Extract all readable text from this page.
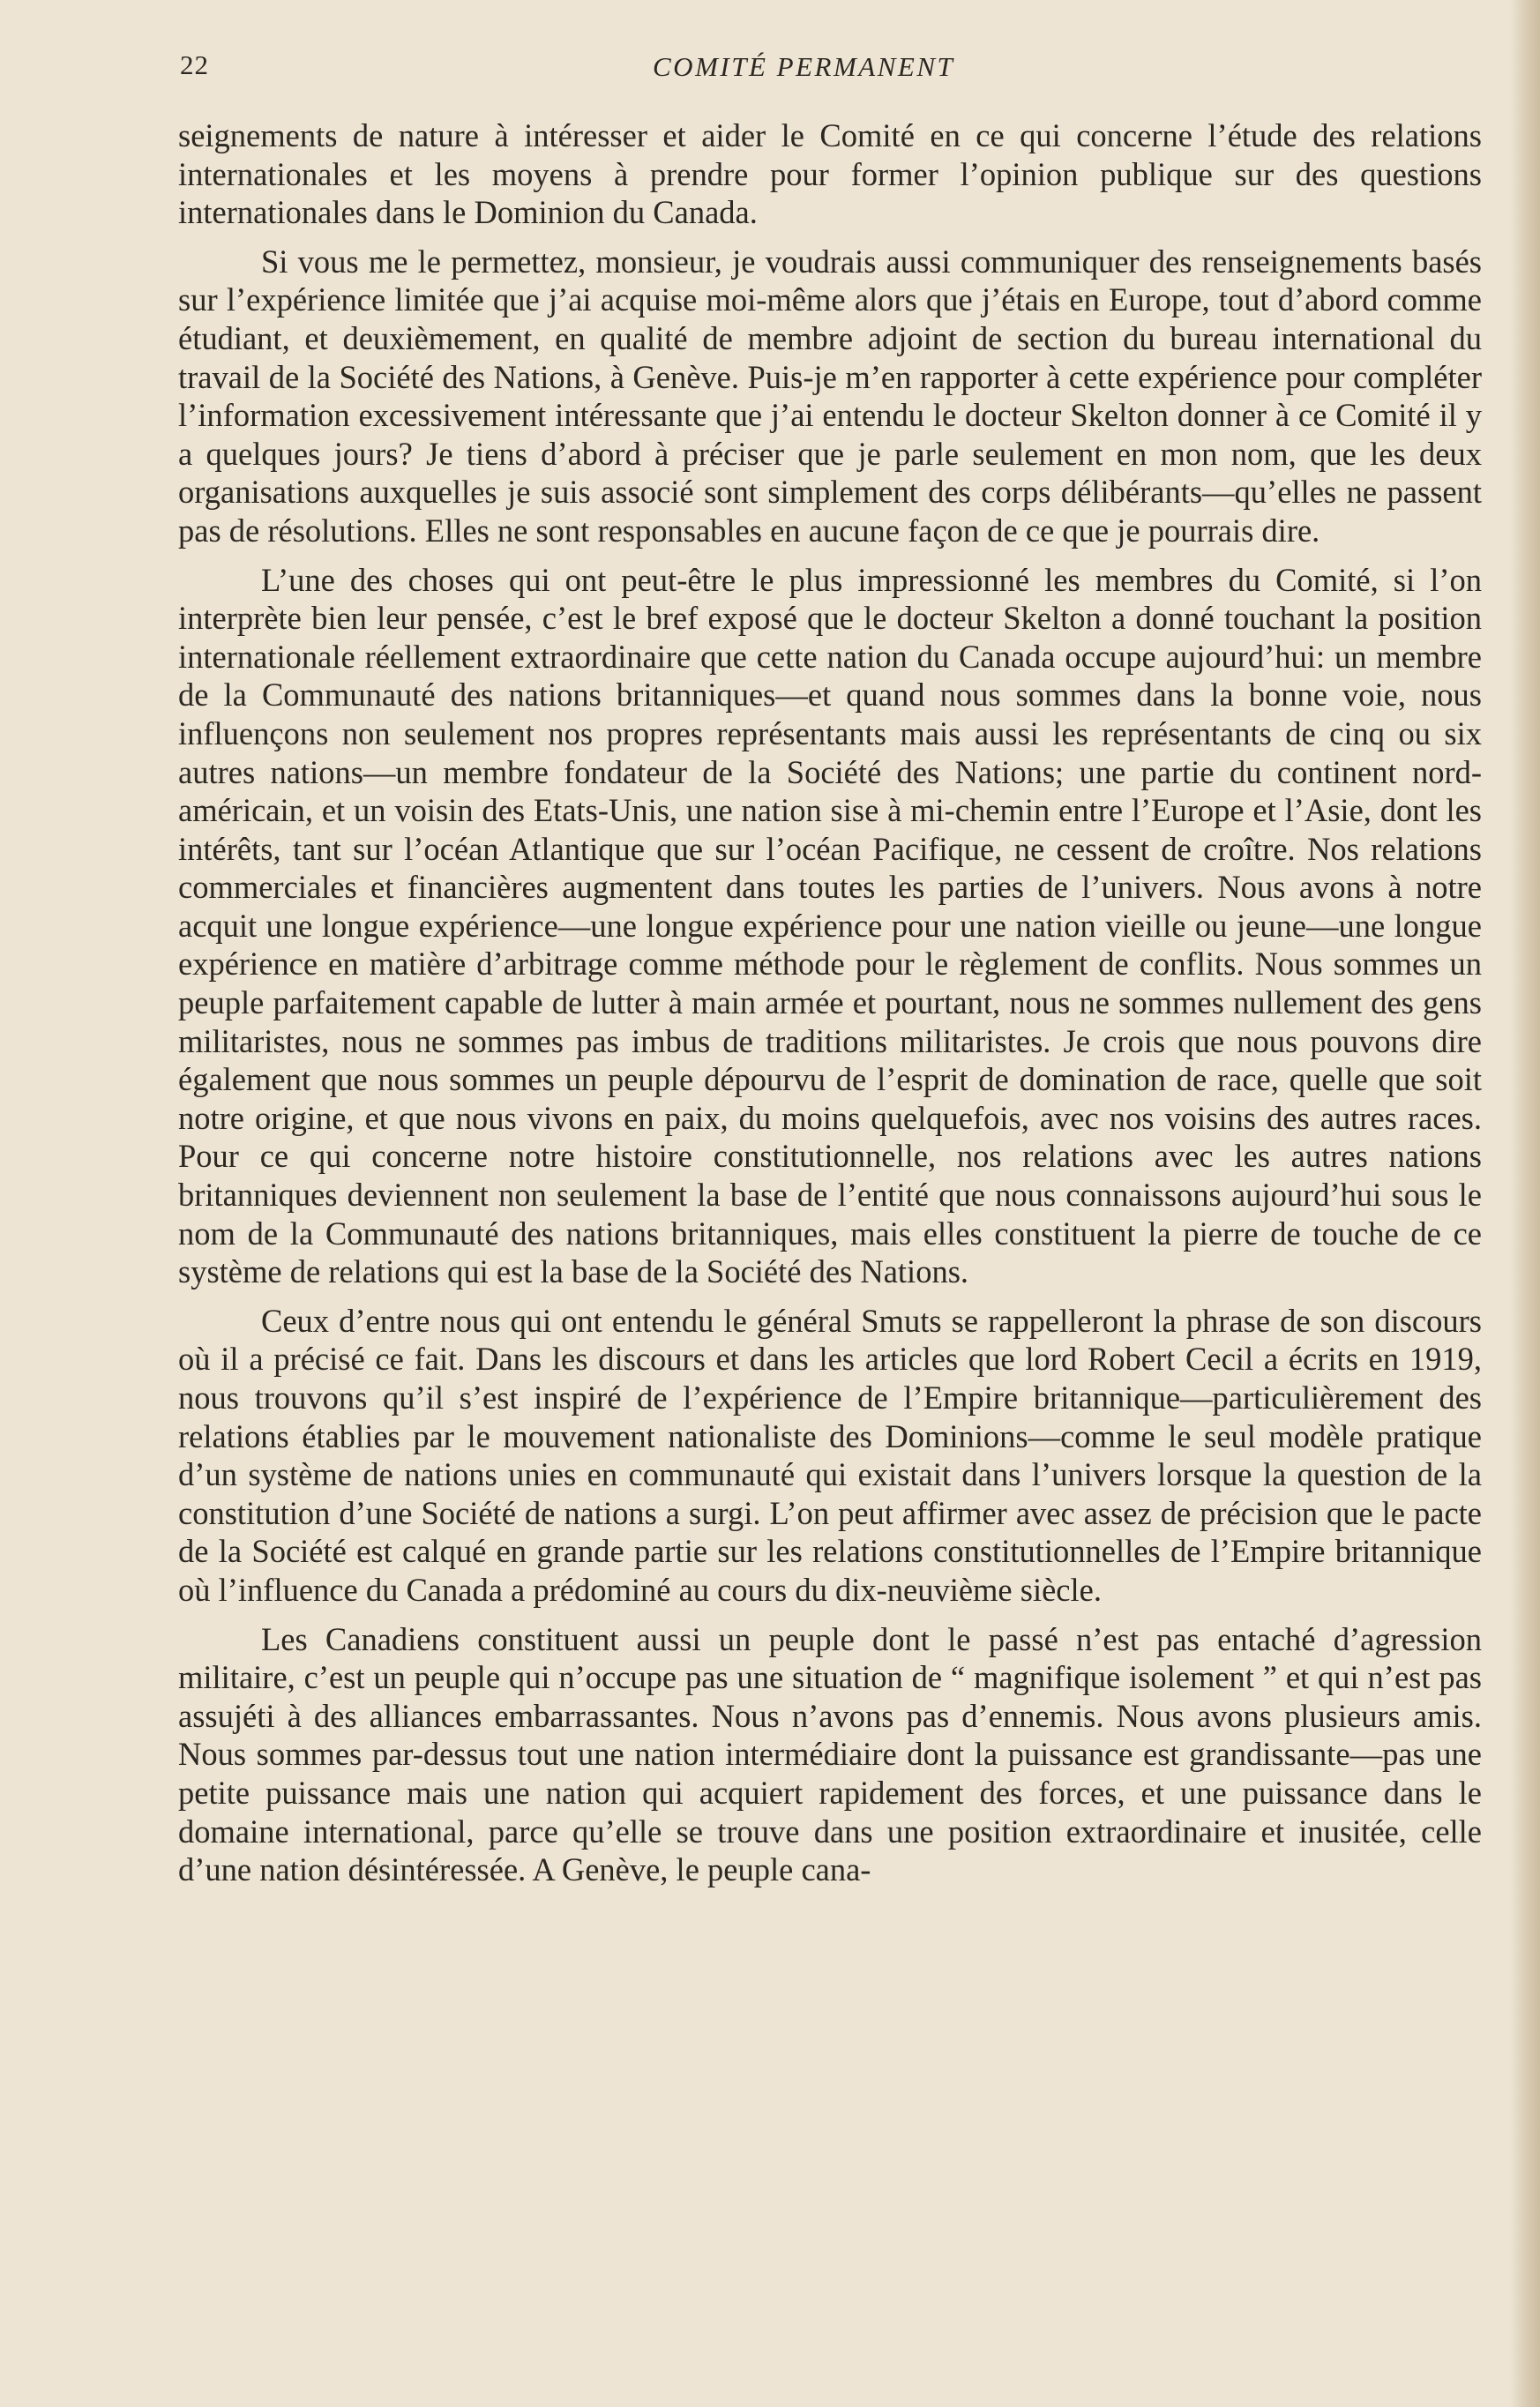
22	COMITÉ PERMANENT

seignements de nature à intéresser et aider le Comité en ce qui concerne l’étude des relations internationales et les moyens à prendre pour former l’opinion publique sur des questions internationales dans le Dominion du Canada.

Si vous me le permettez, monsieur, je voudrais aussi communiquer des renseignements basés sur l’expérience limitée que j’ai acquise moi-même alors que j’étais en Europe, tout d’abord comme étudiant, et deuxièmement, en qualité de membre adjoint de section du bureau international du travail de la Société des Nations, à Genève. Puis-je m’en rapporter à cette expérience pour compléter l’information excessivement intéressante que j’ai entendu le docteur Skelton donner à ce Comité il y a quelques jours? Je tiens d’abord à préciser que je parle seulement en mon nom, que les deux organisations auxquelles je suis associé sont simplement des corps délibérants—qu’elles ne passent pas de résolutions. Elles ne sont responsables en aucune façon de ce que je pourrais dire.

L’une des choses qui ont peut-être le plus impressionné les membres du Comité, si l’on interprète bien leur pensée, c’est le bref exposé que le docteur Skelton a donné touchant la position internationale réellement extraordinaire que cette nation du Canada occupe aujourd’hui: un membre de la Communauté des nations britanniques—et quand nous sommes dans la bonne voie, nous influençons non seulement nos propres représentants mais aussi les représentants de cinq ou six autres nations—un membre fondateur de la Société des Nations; une partie du continent nord-américain, et un voisin des Etats-Unis, une nation sise à mi-chemin entre l’Europe et l’Asie, dont les intérêts, tant sur l’océan Atlantique que sur l’océan Pacifique, ne cessent de croître. Nos relations commerciales et financières augmentent dans toutes les parties de l’univers. Nous avons à notre acquit une longue expérience—une longue expérience pour une nation vieille ou jeune—une longue expérience en matière d’arbitrage comme méthode pour le règlement de conflits. Nous sommes un peuple parfaitement capable de lutter à main armée et pourtant, nous ne sommes nullement des gens militaristes, nous ne sommes pas imbus de traditions militaristes. Je crois que nous pouvons dire également que nous sommes un peuple dépourvu de l’esprit de domination de race, quelle que soit notre origine, et que nous vivons en paix, du moins quelquefois, avec nos voisins des autres races. Pour ce qui concerne notre histoire constitutionnelle, nos relations avec les autres nations britanniques deviennent non seulement la base de l’entité que nous connaissons aujourd’hui sous le nom de la Communauté des nations britanniques, mais elles constituent la pierre de touche de ce système de relations qui est la base de la Société des Nations.

Ceux d’entre nous qui ont entendu le général Smuts se rappelleront la phrase de son discours où il a précisé ce fait. Dans les discours et dans les articles que lord Robert Cecil a écrits en 1919, nous trouvons qu’il s’est inspiré de l’expérience de l’Empire britannique—particulièrement des relations établies par le mouvement nationaliste des Dominions—comme le seul modèle pratique d’un système de nations unies en communauté qui existait dans l’univers lorsque la question de la constitution d’une Société de nations a surgi. L’on peut affirmer avec assez de précision que le pacte de la Société est calqué en grande partie sur les relations constitutionnelles de l’Empire britannique où l’influence du Canada a prédominé au cours du dix-neuvième siècle.

Les Canadiens constituent aussi un peuple dont le passé n’est pas entaché d’agression militaire, c’est un peuple qui n’occupe pas une situation de “ magnifique isolement ” et qui n’est pas assujéti à des alliances embarrassantes. Nous n’avons pas d’ennemis. Nous avons plusieurs amis. Nous sommes par-dessus tout une nation intermédiaire dont la puissance est grandissante—pas une petite puissance mais une nation qui acquiert rapidement des forces, et une puissance dans le domaine international, parce qu’elle se trouve dans une position extraordinaire et inusitée, celle d’une nation désintéressée. A Genève, le peuple cana-
